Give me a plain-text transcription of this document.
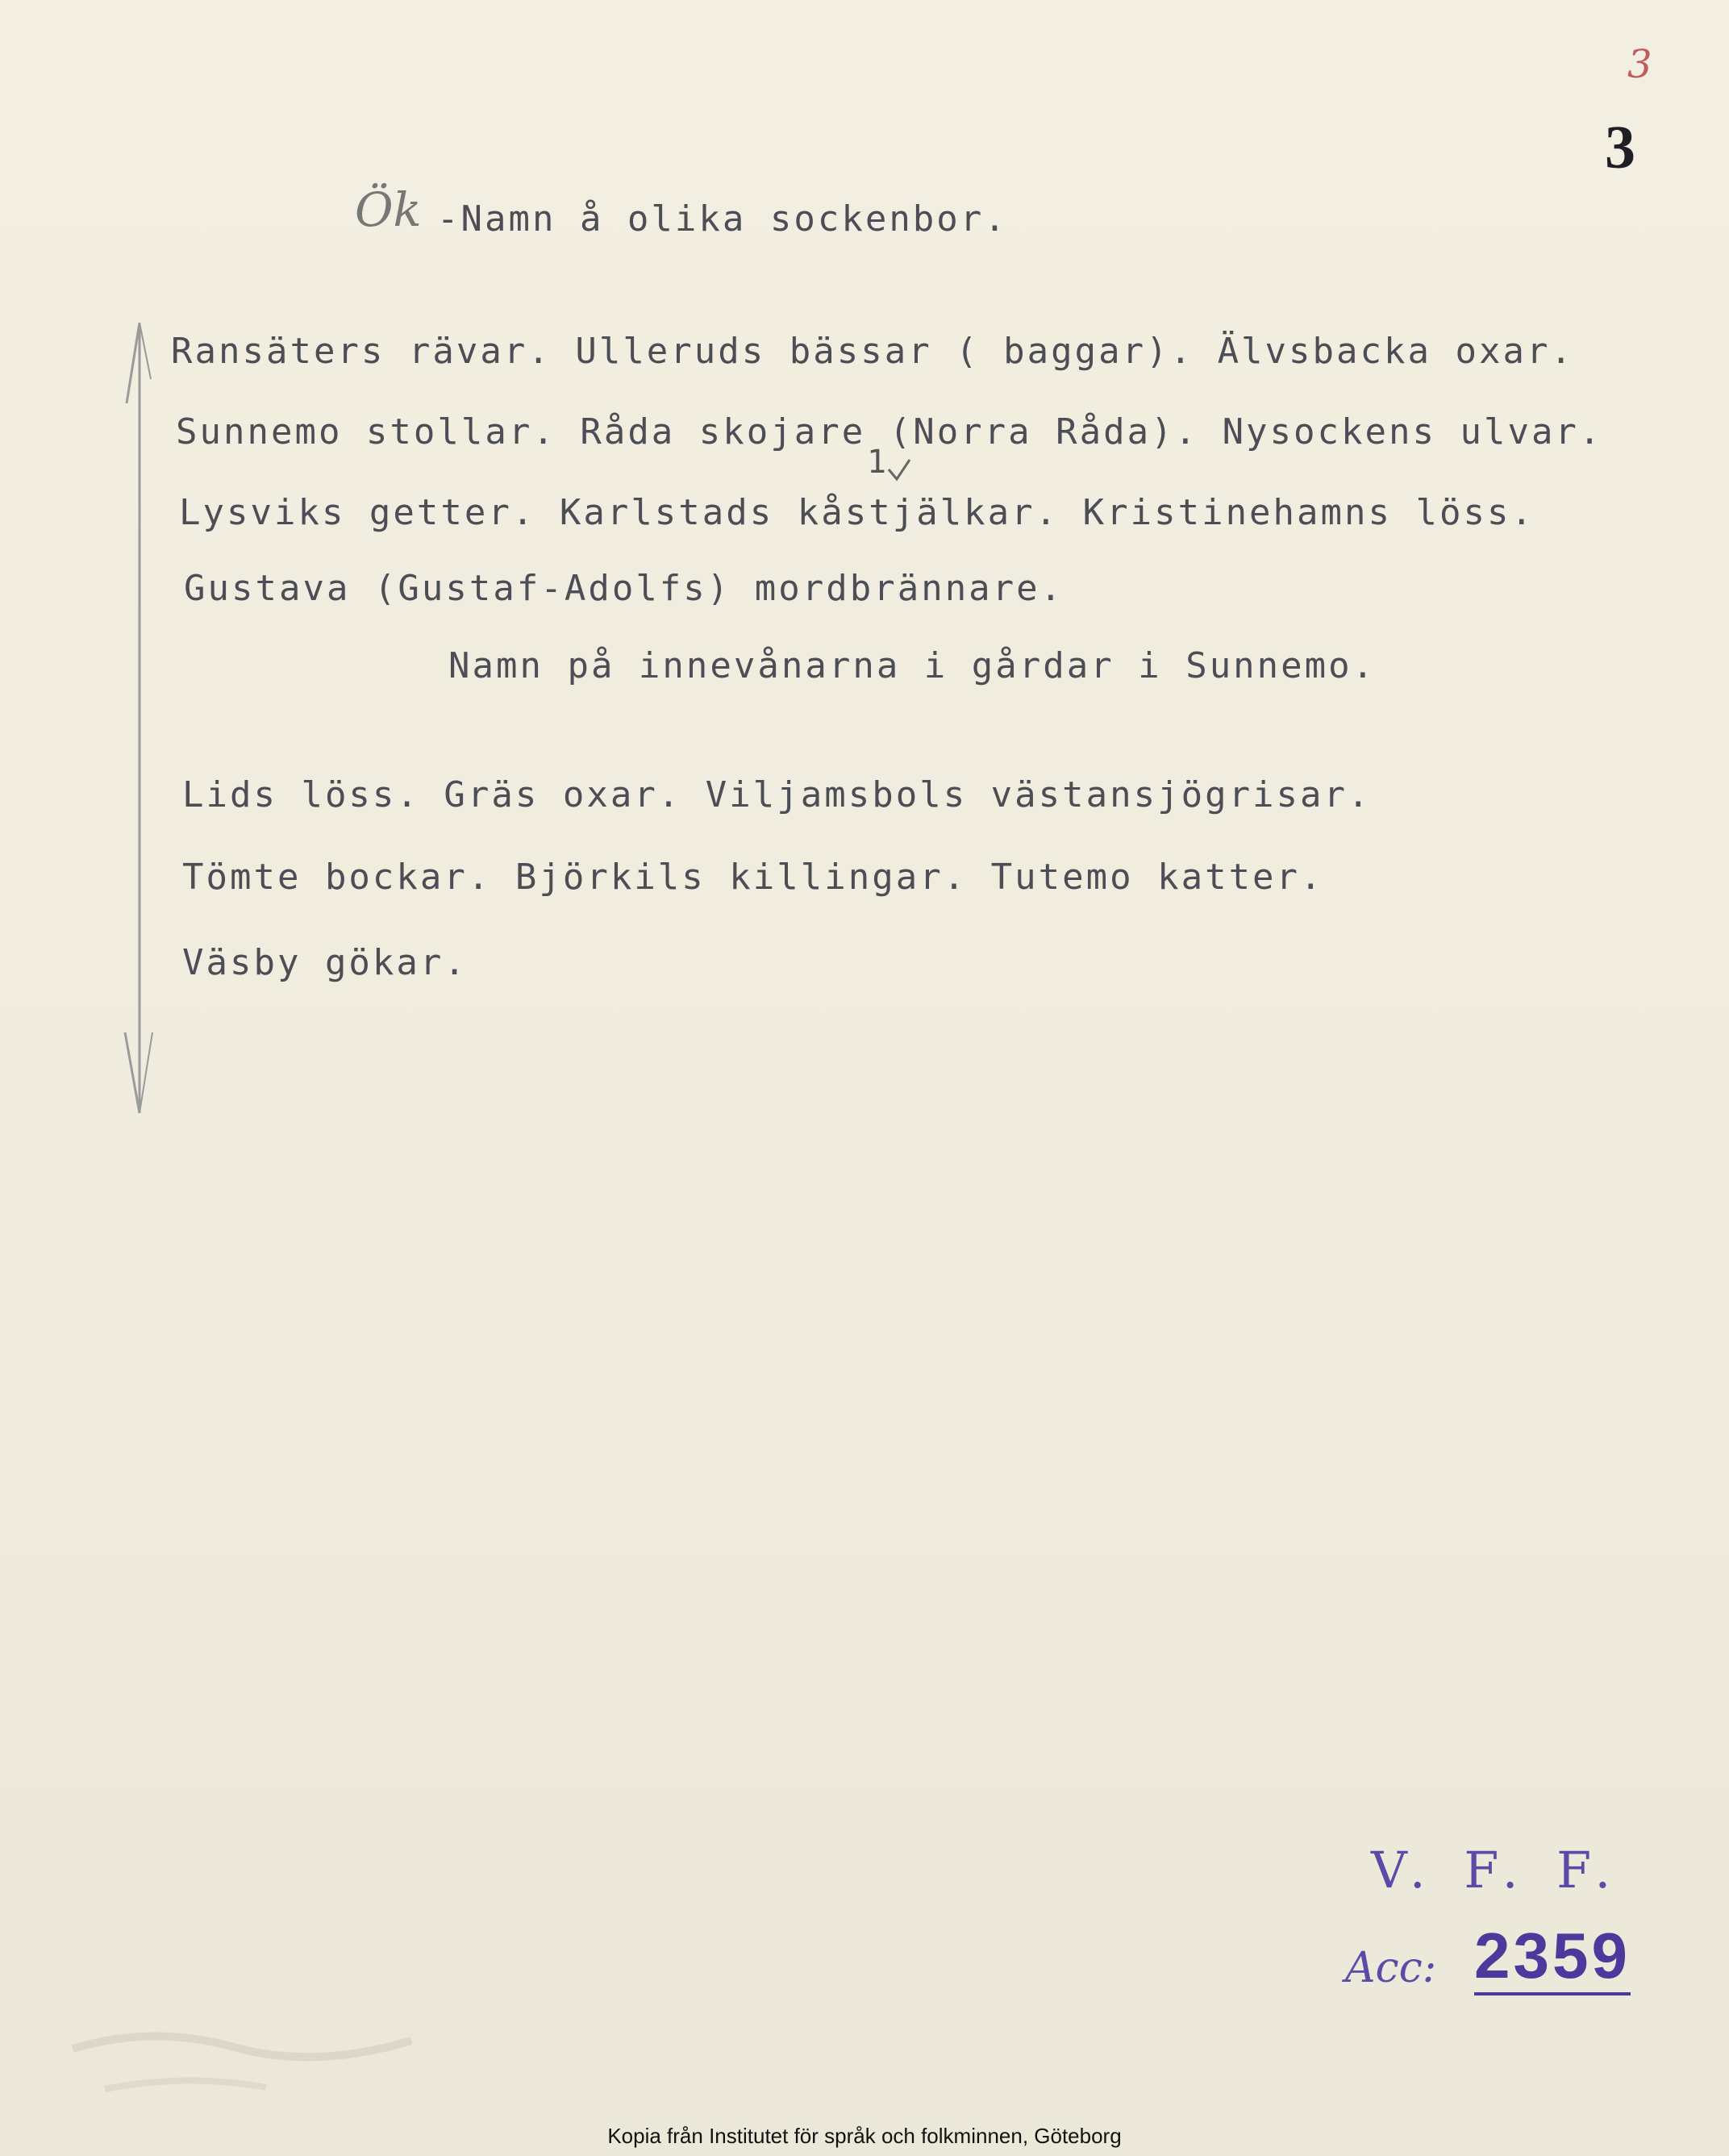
3
3
Ök -Namn å olika sockenbor.
Ransäters rävar. Ulleruds bässar ( baggar). Älvsbacka oxar.
Sunnemo stollar. Råda skojare (Norra Råda). Nysockens ulvar.
Lysviks getter. Karlstads kåstjälkar. Kristinehamns löss.
Gustava (Gustaf-Adolfs) mordbrännare.
1
Namn på innevånarna i gårdar i Sunnemo.
Lids löss. Gräs oxar. Viljamsbols västansjögrisar.
Tömte bockar. Björkils killingar. Tutemo katter.
Väsby gökar.
V. F. F.
Acc: 2359
Kopia från Institutet för språk och folkminnen, Göteborg
